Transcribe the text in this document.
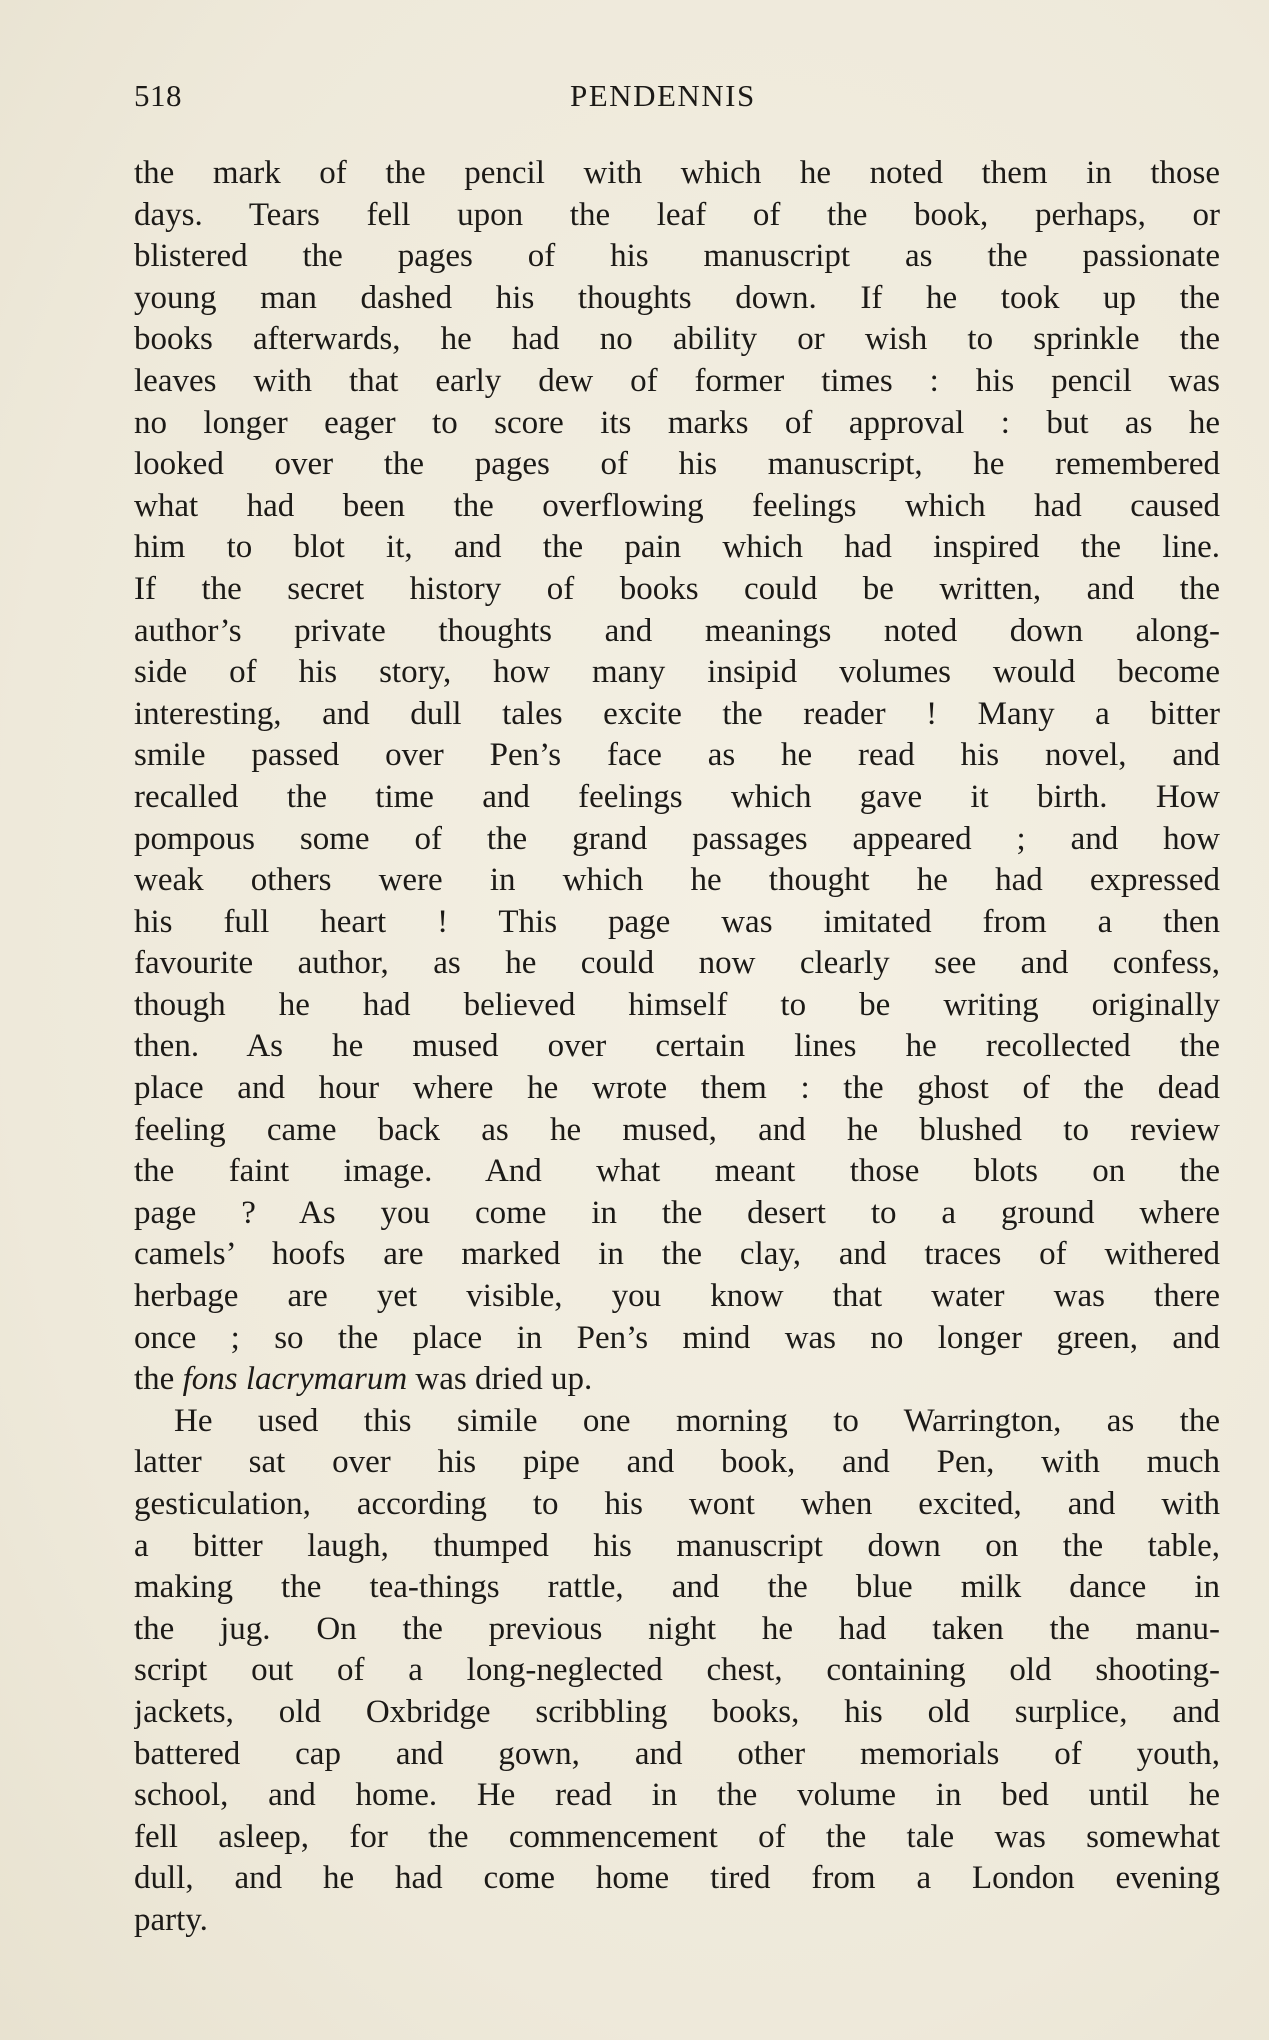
518	PENDENNIS
the mark of the pencil with which he noted them in those
days. Tears fell upon the leaf of the book, perhaps, or
blistered the pages of his manuscript as the passionate
young man dashed his thoughts down. If he took up the
books afterwards, he had no ability or wish to sprinkle the
leaves with that early dew of former times : his pencil was
no longer eager to score its marks of approval : but as he
looked over the pages of his manuscript, he remembered
what had been the overflowing feelings which had caused
him to blot it, and the pain which had inspired the line.
If the secret history of books could be written, and the
author’s private thoughts and meanings noted down along-
side of his story, how many insipid volumes would become
interesting, and dull tales excite the reader ! Many a bitter
smile passed over Pen’s face as he read his novel, and
recalled the time and feelings which gave it birth. How
pompous some of the grand passages appeared ; and how
weak others were in which he thought he had expressed
his full heart ! This page was imitated from a then
favourite author, as he could now clearly see and confess,
though he had believed himself to be writing originally
then. As he mused over certain lines he recollected the
place and hour where he wrote them : the ghost of the dead
feeling came back as he mused, and he blushed to review
the faint image. And what meant those blots on the
page ? As you come in the desert to a ground where
camels’ hoofs are marked in the clay, and traces of withered
herbage are yet visible, you know that water was there
once ; so the place in Pen’s mind was no longer green, and
the fons lacrymarum was dried up.
He used this simile one morning to Warrington, as the
latter sat over his pipe and book, and Pen, with much
gesticulation, according to his wont when excited, and with
a bitter laugh, thumped his manuscript down on the table,
making the tea-things rattle, and the blue milk dance in
the jug. On the previous night he had taken the manu-
script out of a long-neglected chest, containing old shooting-
jackets, old Oxbridge scribbling books, his old surplice, and
battered cap and gown, and other memorials of youth,
school, and home. He read in the volume in bed until he
fell asleep, for the commencement of the tale was somewhat
dull, and he had come home tired from a London evening
party.
